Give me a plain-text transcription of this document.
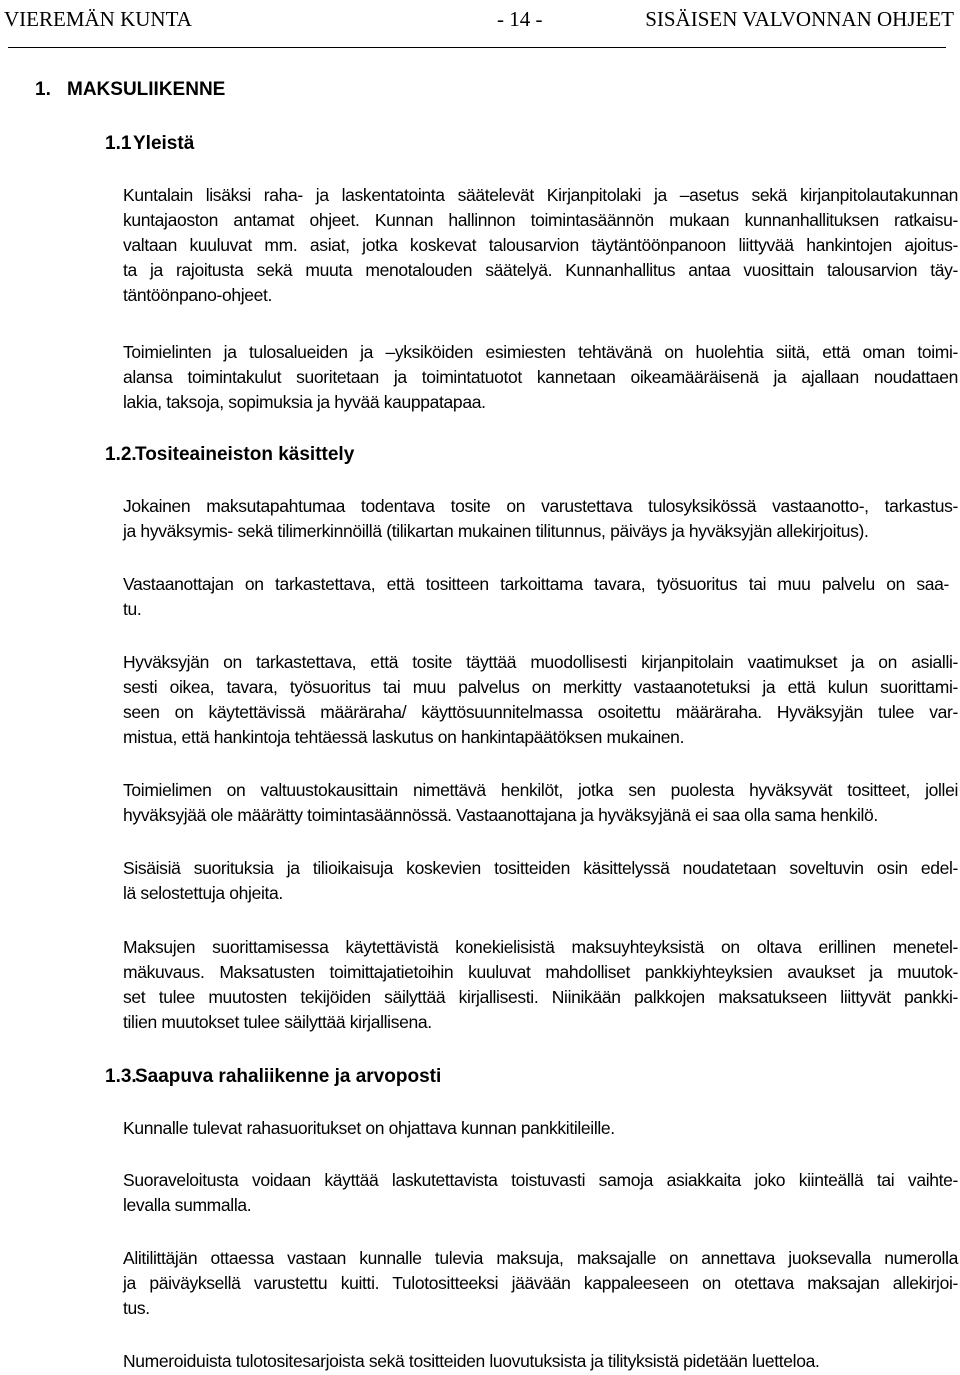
VIEREMÄN KUNTA	- 14 -	SISÄISEN VALVONNAN OHJEET
1. MAKSULIIKENNE
1.1Yleistä
Kuntalain lisäksi raha- ja laskentatointa säätelevät Kirjanpitolaki ja –asetus sekä kirjanpitolautakunnan
kuntajaoston antamat ohjeet. Kunnan hallinnon toimintasäännön mukaan kunnanhallituksen ratkaisu-
valtaan kuuluvat mm. asiat, jotka koskevat talousarvion täytäntöönpanoon liittyvää hankintojen ajoitus-
ta ja rajoitusta sekä muuta menotalouden säätelyä. Kunnanhallitus antaa vuosittain talousarvion täy-
täntöönpano-ohjeet.
Toimielinten ja tulosalueiden ja –yksiköiden esimiesten tehtävänä on huolehtia siitä, että oman toimi-
alansa toimintakulut suoritetaan ja toimintatuotot kannetaan oikeamääräisenä ja ajallaan noudattaen
lakia, taksoja, sopimuksia ja hyvää kauppatapaa.
1.2.Tositeaineiston käsittely
Jokainen maksutapahtumaa todentava tosite on varustettava tulosyksikössä vastaanotto-, tarkastus-
ja hyväksymis- sekä tilimerkinnöillä (tilikartan mukainen tilitunnus, päiväys ja hyväksyjän allekirjoitus).
Vastaanottajan on tarkastettava, että tositteen tarkoittama tavara, työsuoritus tai muu palvelu on saa-
tu.
Hyväksyjän on tarkastettava, että tosite täyttää muodollisesti kirjanpitolain vaatimukset ja on asialli-
sesti oikea, tavara, työsuoritus tai muu palvelus on merkitty vastaanotetuksi ja että kulun suorittami-
seen on käytettävissä määräraha/ käyttösuunnitelmassa osoitettu määräraha. Hyväksyjän tulee var-
mistua, että hankintoja tehtäessä laskutus on hankintapäätöksen mukainen.
Toimielimen on valtuustokausittain nimettävä henkilöt, jotka sen puolesta hyväksyvät tositteet, jollei
hyväksyjää ole määrätty toimintasäännössä. Vastaanottajana ja hyväksyjänä ei saa olla sama henkilö.
Sisäisiä suorituksia ja tilioikaisuja koskevien tositteiden käsittelyssä noudatetaan soveltuvin osin edel-
lä selostettuja ohjeita.
Maksujen suorittamisessa käytettävistä konekielisistä maksuyhteyksistä on oltava erillinen menetel-
mäkuvaus. Maksatusten toimittajatietoihin kuuluvat mahdolliset pankkiyhteyksien avaukset ja muutok-
set tulee muutosten tekijöiden säilyttää kirjallisesti. Niinikään palkkojen maksatukseen liittyvät pankki-
tilien muutokset tulee säilyttää kirjallisena.
1.3.Saapuva rahaliikenne ja arvoposti
Kunnalle tulevat rahasuoritukset on ohjattava kunnan pankkitileille.
Suoraveloitusta voidaan käyttää laskutettavista toistuvasti samoja asiakkaita joko kiinteällä tai vaihte-
levalla summalla.
Alitilittäjän ottaessa vastaan kunnalle tulevia maksuja, maksajalle on annettava juoksevalla numerolla
ja päiväyksellä varustettu kuitti. Tulotositteeksi jäävään kappaleeseen on otettava maksajan allekirjoi-
tus.
Numeroiduista tulotositesarjoista sekä tositteiden luovutuksista ja tilityksistä pidetään luetteloa.
